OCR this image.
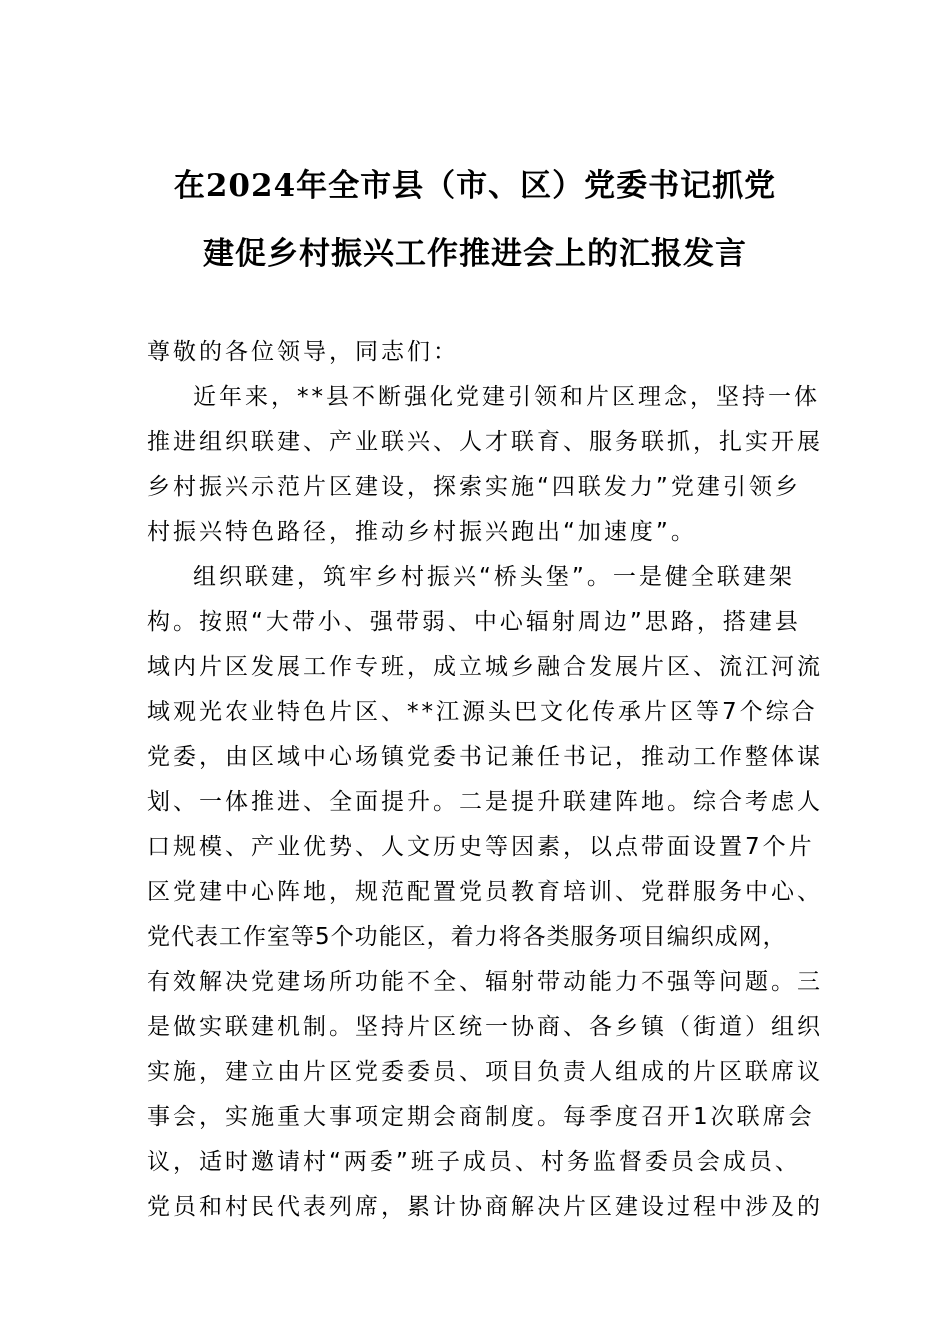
在2024年全市县（市、区）党委书记抓党
建促乡村振兴工作推进会上的汇报发言
尊敬的各位领导，同志们：
近年来，**县不断强化党建引领和片区理念，坚持一体
推进组织联建、产业联兴、人才联育、服务联抓，扎实开展
乡村振兴示范片区建设，探索实施“四联发力”党建引领乡
村振兴特色路径，推动乡村振兴跑出“加速度”。
组织联建，筑牢乡村振兴“桥头堡”。一是健全联建架
构。按照“大带小、强带弱、中心辐射周边”思路，搭建县
域内片区发展工作专班，成立城乡融合发展片区、流江河流
域观光农业特色片区、**江源头巴文化传承片区等7个综合
党委，由区域中心场镇党委书记兼任书记，推动工作整体谋
划、一体推进、全面提升。二是提升联建阵地。综合考虑人
口规模、产业优势、人文历史等因素，以点带面设置7个片
区党建中心阵地，规范配置党员教育培训、党群服务中心、
党代表工作室等5个功能区，着力将各类服务项目编织成网，
有效解决党建场所功能不全、辐射带动能力不强等问题。三
是做实联建机制。坚持片区统一协商、各乡镇（街道）组织
实施，建立由片区党委委员、项目负责人组成的片区联席议
事会，实施重大事项定期会商制度。每季度召开1次联席会
议，适时邀请村“两委”班子成员、村务监督委员会成员、
党员和村民代表列席，累计协商解决片区建设过程中涉及的
